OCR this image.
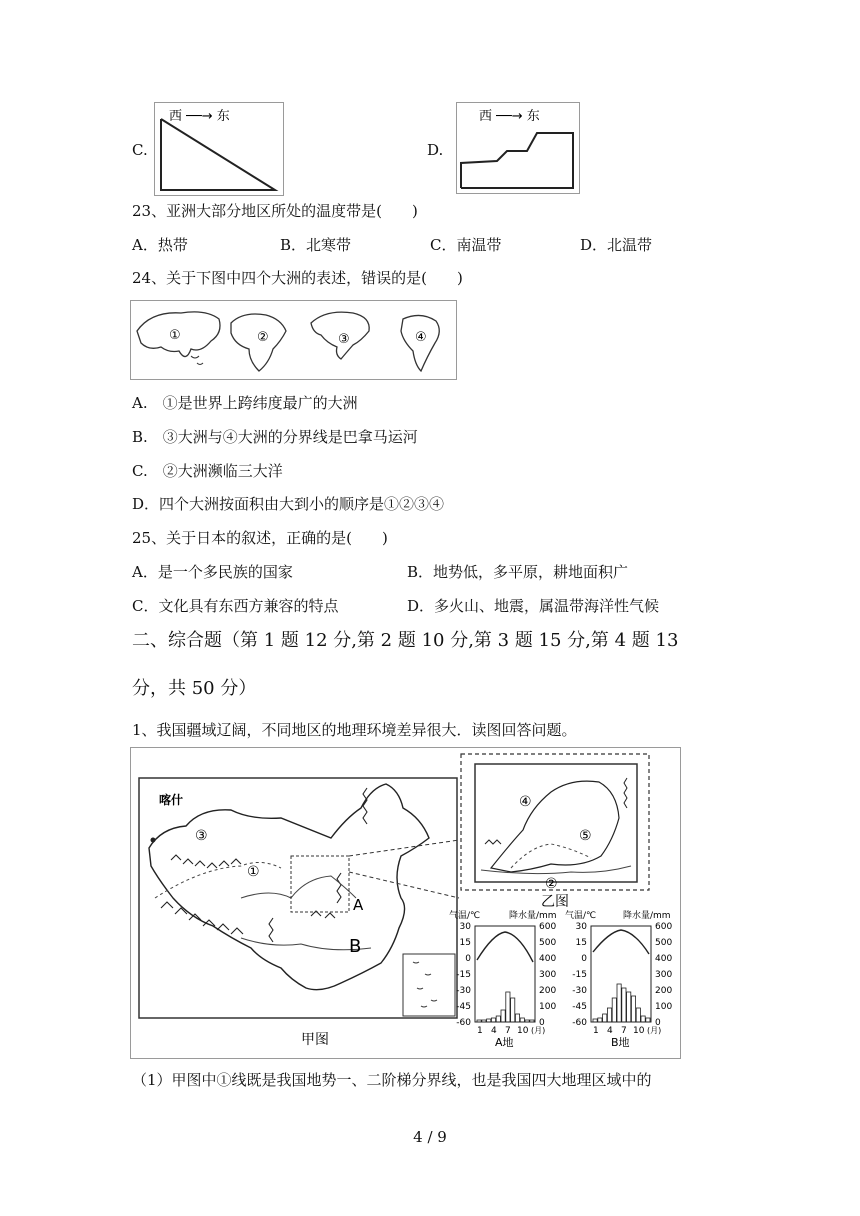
C.
西 ──→ 东
D.
西 ──→ 东
23、亚洲大部分地区所处的温度带是(　　)
A．热带	B．北寒带	C．南温带	D．北温带
24、关于下图中四个大洲的表述，错误的是(　　)
①	②	③	④
A.　①是世界上跨纬度最广的大洲
B.　③大洲与④大洲的分界线是巴拿马运河
C.　②大洲濒临三大洋
D．四个大洲按面积由大到小的顺序是①②③④
25、关于日本的叙述，正确的是(　　)
A．是一个多民族的国家	B．地势低，多平原，耕地面积广
C．文化具有东西方兼容的特点	D．多火山、地震，属温带海洋性气候
二、综合题（第 1 题 12 分,第 2 题 10 分,第 3 题 15 分,第 4 题 13
分，共 50 分）
1、我国疆域辽阔，不同地区的地理环境差异很大．读图回答问题。
喀什
③
①
A
B
甲图
④
⑤
②
乙图
气温/℃	降水量/mm
30
15
0
-15
-30
-45
-60
600
500
400
300
200
100
0
1 4 7 10 (月)
A地
气温/℃	降水量/mm
30
15
0
-15
-30
-45
-60
600
500
400
300
200
100
0
1 4 7 10 (月)
B地
（1）甲图中①线既是我国地势一、二阶梯分界线，也是我国四大地理区域中的
4 / 9
